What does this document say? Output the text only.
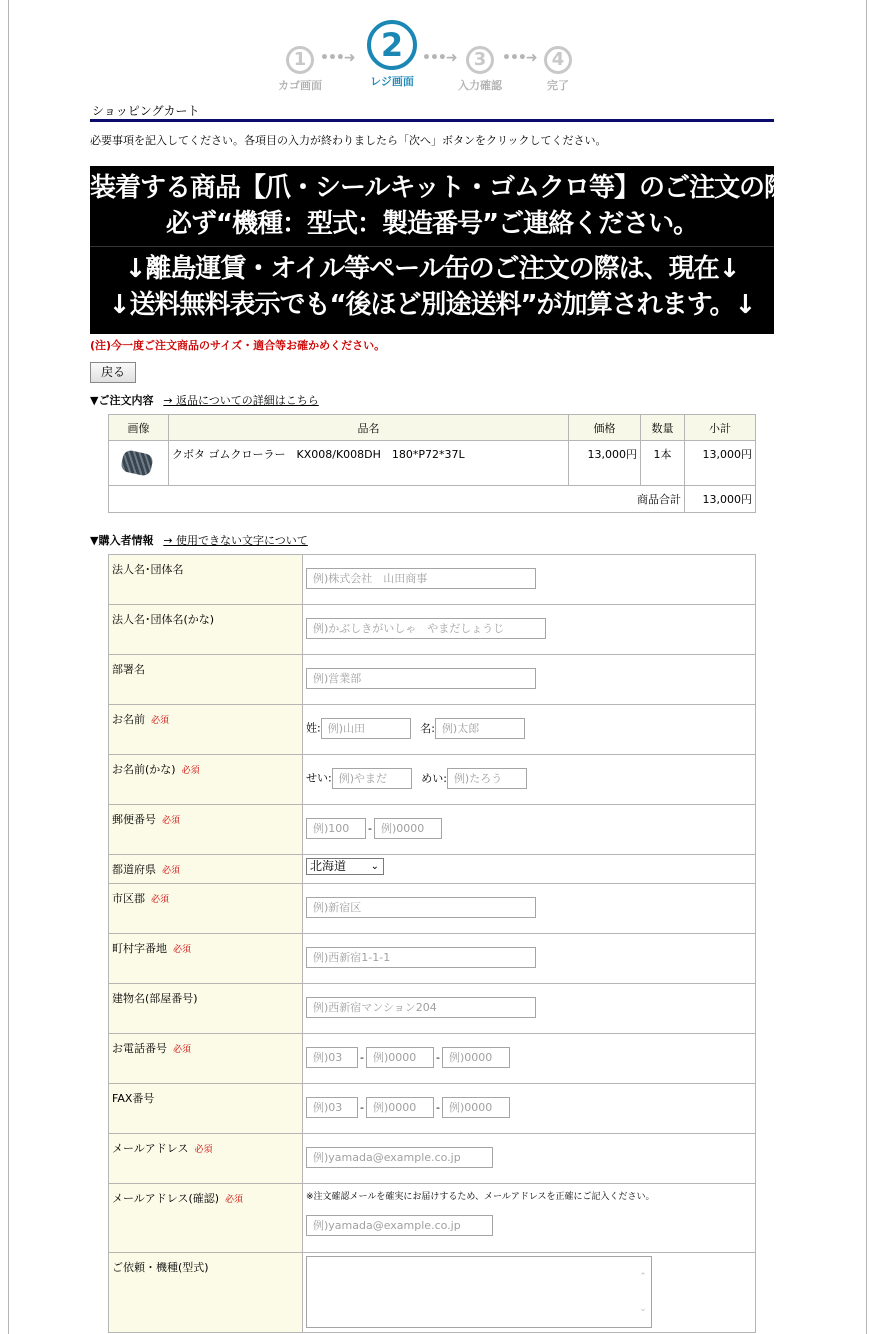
1
カゴ画面
•••➜ 2
レジ画面
•••➜ 3
入力確認
•••➜ 4
完了
ショッピングカート
必要事項を記入してください。各項目の入力が終わりましたら「次へ」ボタンをクリックしてください。
装着する商品【爪・シールキット・ゴムクロ等】のご注文の際は
必ず“機種：型式：製造番号”ご連絡ください。
↓離島運賃・オイル等ペール缶のご注文の際は、現在↓
↓送料無料表示でも“後ほど別途送料”が加算されます。↓
(注)今一度ご注文商品のサイズ・適合等お確かめください。
戻る
▼ご注文内容 → 返品についての詳細はこちら
画像	品名	価格	数量	小計

	クボタ ゴムクローラー　KX008/K008DH　180*P72*37L	13,000円	1本	13,000円
商品合計				13,000円
▼購入者情報 → 使用できない文字について
法人名･団体名	例)株式会社　山田商事
法人名･団体名(かな)	例)かぶしきがいしゃ　やまだしょうじ
部署名	例)営業部
お名前 必須	姓: 例)山田 名: 例)太郎
お名前(かな) 必須	せい: 例)やまだ めい: 例)たろう
郵便番号 必須	例)100 - 例)0000
都道府県 必須	北海道 ⌄

市区郡 必須	例)新宿区
町村字番地 必須	例)西新宿1-1-1
建物名(部屋番号)	例)西新宿マンション204
お電話番号 必須	例)03 - 例)0000 - 例)0000
FAX番号	例)03 - 例)0000 - 例)0000
メールアドレス 必須	例)yamada@example.co.jp
メールアドレス(確認) 必須	※注文確認メールを確実にお届けするため、メールアドレスを正確にご記入ください。
例)yamada@example.co.jp
ご依頼・機種(型式)	⌃
⌄
